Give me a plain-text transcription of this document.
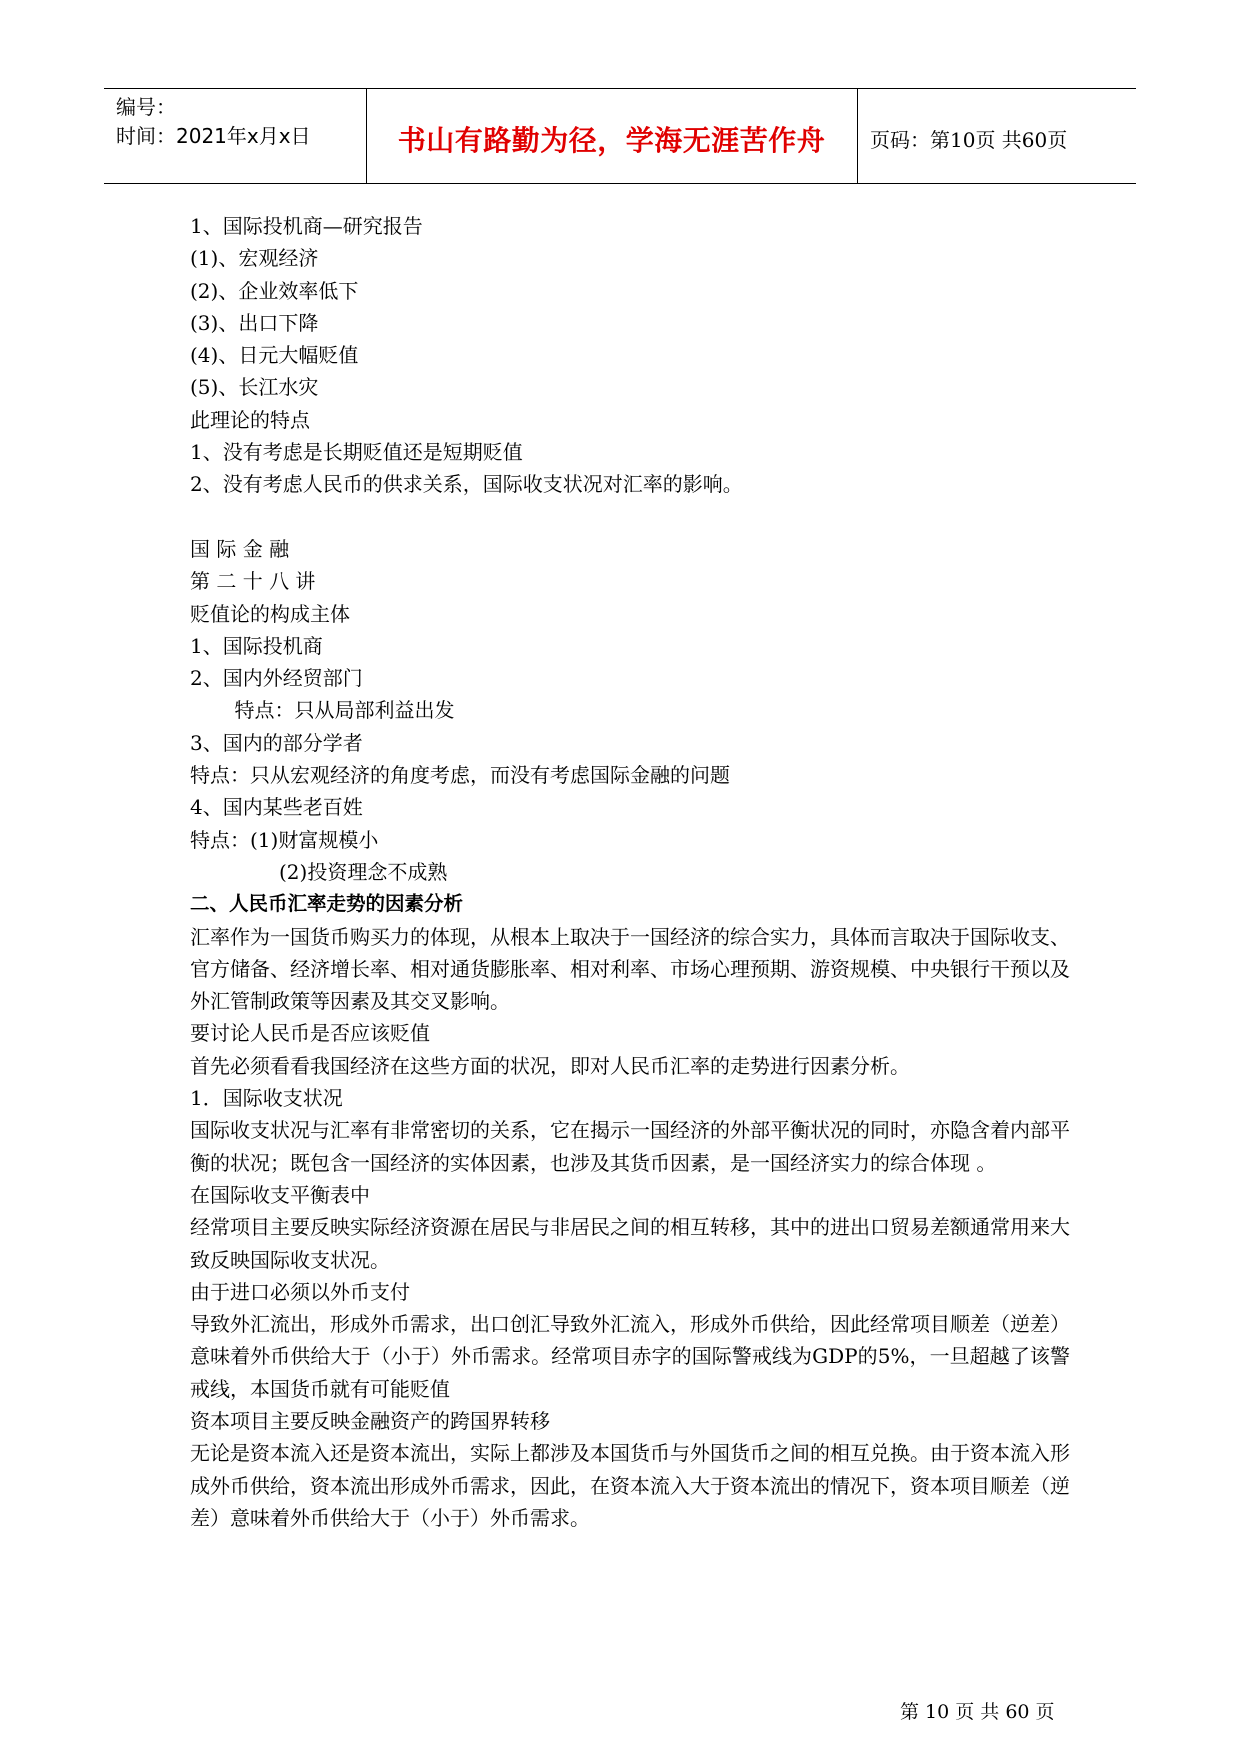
编号：
时间：2021年x月x日	书山有路勤为径，学海无涯苦作舟	页码：第10页 共60页
1、国际投机商—研究报告
(1)、宏观经济
(2)、企业效率低下
(3)、出口下降
(4)、日元大幅贬值
(5)、长江水灾
此理论的特点
1、没有考虑是长期贬值还是短期贬值
2、没有考虑人民币的供求关系，国际收支状况对汇率的影响。

国 际 金 融
第 二 十 八 讲
贬值论的构成主体
1、国际投机商
2、国内外经贸部门
特点：只从局部利益出发
3、国内的部分学者
特点：只从宏观经济的角度考虑，而没有考虑国际金融的问题
4、国内某些老百姓
特点：(1)财富规模小
(2)投资理念不成熟
二、人民币汇率走势的因素分析
汇率作为一国货币购买力的体现，从根本上取决于一国经济的综合实力，具体而言取决于国际收支、官方储备、经济增长率、相对通货膨胀率、相对利率、市场心理预期、游资规模、中央银行干预以及外汇管制政策等因素及其交叉影响。
要讨论人民币是否应该贬值
首先必须看看我国经济在这些方面的状况，即对人民币汇率的走势进行因素分析。
1．国际收支状况
国际收支状况与汇率有非常密切的关系，它在揭示一国经济的外部平衡状况的同时，亦隐含着内部平衡的状况；既包含一国经济的实体因素，也涉及其货币因素，是一国经济实力的综合体现 。
在国际收支平衡表中
经常项目主要反映实际经济资源在居民与非居民之间的相互转移，其中的进出口贸易差额通常用来大致反映国际收支状况。
由于进口必须以外币支付
导致外汇流出，形成外币需求，出口创汇导致外汇流入，形成外币供给，因此经常项目顺差（逆差）意味着外币供给大于（小于）外币需求。经常项目赤字的国际警戒线为GDP的5%，一旦超越了该警戒线，本国货币就有可能贬值
资本项目主要反映金融资产的跨国界转移
无论是资本流入还是资本流出，实际上都涉及本国货币与外国货币之间的相互兑换。由于资本流入形成外币供给，资本流出形成外币需求，因此，在资本流入大于资本流出的情况下，资本项目顺差（逆差）意味着外币供给大于（小于）外币需求。
第 10 页 共 60 页
